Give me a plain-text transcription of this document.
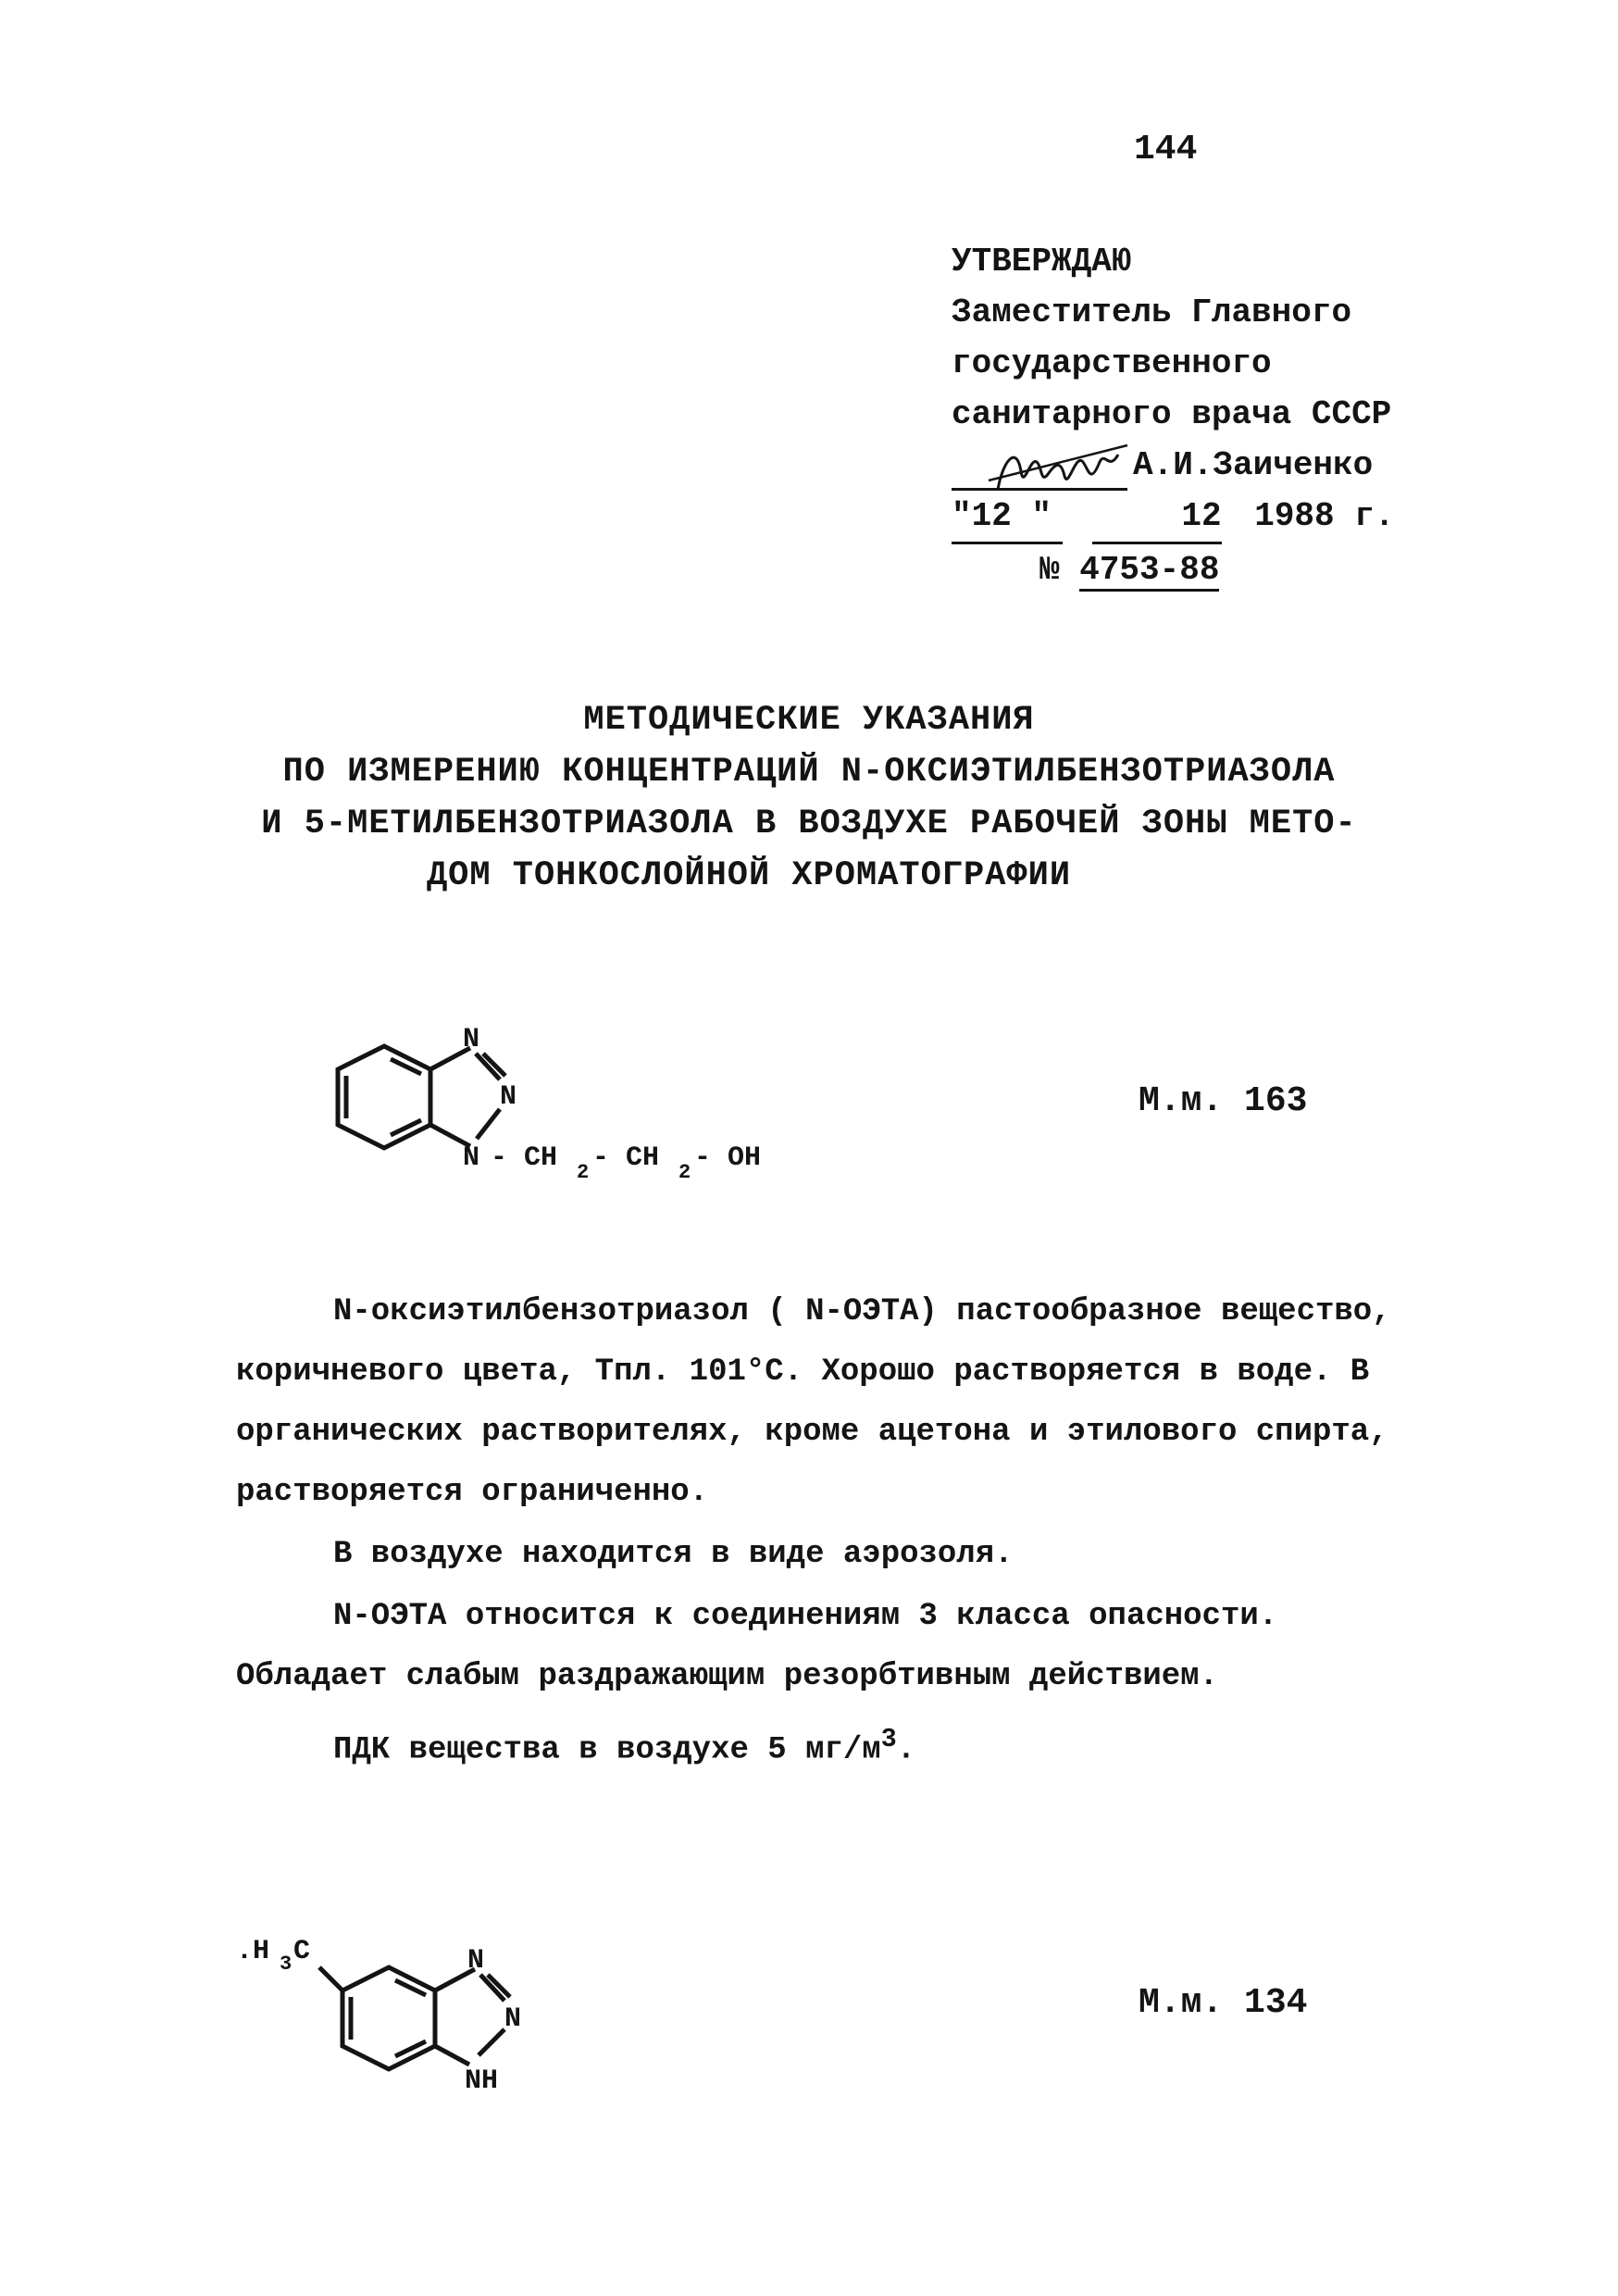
144
УТВЕРЖДАЮ
Заместитель Главного
государственного
санитарного врача СССР
А.И.Заиченко
"12 "	12 1988 г.
№ 4753-88
МЕТОДИЧЕСКИЕ УКАЗАНИЯ
ПО ИЗМЕРЕНИЮ КОНЦЕНТРАЦИЙ N-ОКСИЭТИЛБЕНЗОТРИАЗОЛА
И 5-МЕТИЛБЕНЗОТРИАЗОЛА В ВОЗДУХЕ РАБОЧЕЙ ЗОНЫ МЕТО-
ДОМ ТОНКОСЛОЙНОЙ ХРОМАТОГРАФИИ
N
N
N - CH 2 - CH 2 - OH
М.м. 163

N-оксиэтилбензотриазол ( N-ОЭТА) пастообразное вещество, коричневого цвета, Тпл. 101°С. Хорошо растворяется в воде. В органических растворителях, кроме ацетона и этилового спирта, растворяется ограниченно.

В воздухе находится в виде аэрозоля.

N-ОЭТА относится к соединениям 3 класса опасности. Обладает слабым раздражающим резорбтивным действием.

ПДК вещества в воздухе 5 $мг/м^3$.

.H 3 C	N
N
NH
М.м. 134
